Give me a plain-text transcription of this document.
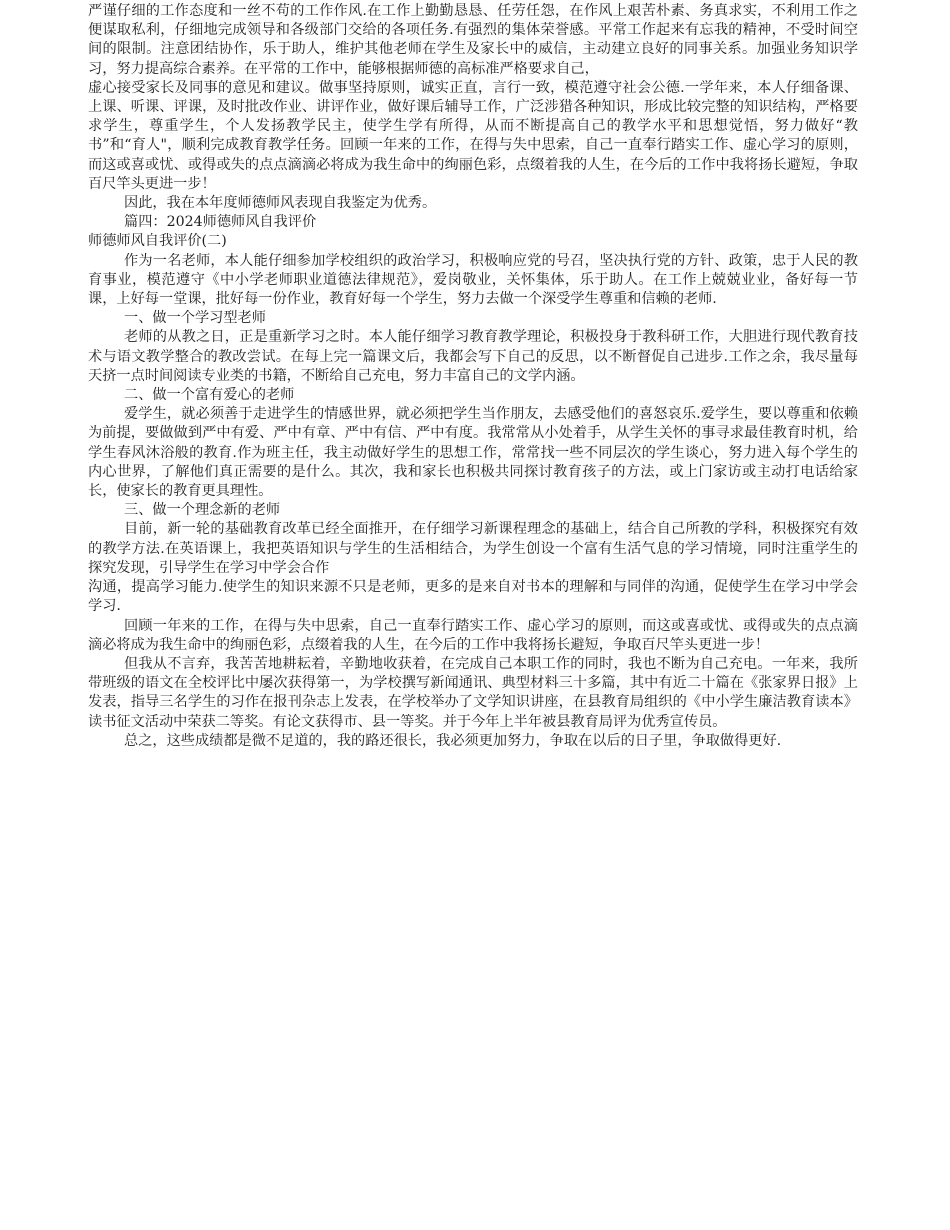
严谨仔细的工作态度和一丝不苟的工作作风.在工作上勤勤恳恳、任劳任怨，在作风上艰苦朴素、务真求实，不利用工作之便谋取私利，仔细地完成领导和各级部门交给的各项任务.有强烈的集体荣誉感。平常工作起来有忘我的精神，不受时间空间的限制。注意团结协作，乐于助人，维护其他老师在学生及家长中的威信，主动建立良好的同事关系。加强业务知识学习，努力提高综合素养。在平常的工作中，能够根据师德的高标准严格要求自己，

虚心接受家长及同事的意见和建议。做事坚持原则，诚实正直，言行一致，模范遵守社会公德.一学年来，本人仔细备课、上课、听课、评课，及时批改作业、讲评作业，做好课后辅导工作，广泛涉猎各种知识，形成比较完整的知识结构，严格要求学生，尊重学生，个人发扬教学民主，使学生学有所得，从而不断提高自己的教学水平和思想觉悟，努力做好“教书”和“育人"，顺利完成教育教学任务。回顾一年来的工作，在得与失中思索，自己一直奉行踏实工作、虚心学习的原则，而这或喜或忧、或得或失的点点滴滴必将成为我生命中的绚丽色彩，点缀着我的人生，在今后的工作中我将扬长避短，争取百尺竿头更进一步！

因此，我在本年度师德师风表现自我鉴定为优秀。

篇四：2024师德师风自我评价

师德师风自我评价(二)

作为一名老师，本人能仔细参加学校组织的政治学习，积极响应党的号召，坚决执行党的方针、政策，忠于人民的教育事业，模范遵守《中小学老师职业道德法律规范》，爱岗敬业，关怀集体，乐于助人。在工作上兢兢业业，备好每一节课，上好每一堂课，批好每一份作业，教育好每一个学生，努力去做一个深受学生尊重和信赖的老师.

一、做一个学习型老师

老师的从教之日，正是重新学习之时。本人能仔细学习教育教学理论，积极投身于教科研工作，大胆进行现代教育技术与语文教学整合的教改尝试。在每上完一篇课文后，我都会写下自己的反思，以不断督促自己进步.工作之余，我尽量每天挤一点时间阅读专业类的书籍，不断给自己充电，努力丰富自己的文学内涵。

二、做一个富有爱心的老师

爱学生，就必须善于走进学生的情感世界，就必须把学生当作朋友，去感受他们的喜怒哀乐.爱学生，要以尊重和依赖为前提，要做做到严中有爱、严中有章、严中有信、严中有度。我常常从小处着手，从学生关怀的事寻求最佳教育时机，给学生春风沐浴般的教育.作为班主任，我主动做好学生的思想工作，常常找一些不同层次的学生谈心，努力进入每个学生的内心世界，了解他们真正需要的是什么。其次，我和家长也积极共同探讨教育孩子的方法，或上门家访或主动打电话给家长，使家长的教育更具理性。

三、做一个理念新的老师

目前，新一轮的基础教育改革已经全面推开，在仔细学习新课程理念的基础上，结合自己所教的学科，积极探究有效的教学方法.在英语课上，我把英语知识与学生的生活相结合，为学生创设一个富有生活气息的学习情境，同时注重学生的探究发现，引导学生在学习中学会合作

沟通，提高学习能力.使学生的知识来源不只是老师，更多的是来自对书本的理解和与同伴的沟通，促使学生在学习中学会学习.

回顾一年来的工作，在得与失中思索，自己一直奉行踏实工作、虚心学习的原则，而这或喜或忧、或得或失的点点滴滴必将成为我生命中的绚丽色彩，点缀着我的人生，在今后的工作中我将扬长避短，争取百尺竿头更进一步！

但我从不言弃，我苦苦地耕耘着，辛勤地收获着，在完成自己本职工作的同时，我也不断为自己充电。一年来，我所带班级的语文在全校评比中屡次获得第一，为学校撰写新闻通讯、典型材料三十多篇，其中有近二十篇在《张家界日报》上发表，指导三名学生的习作在报刊杂志上发表，在学校举办了文学知识讲座，在县教育局组织的《中小学生廉洁教育读本》读书征文活动中荣获二等奖。有论文获得市、县一等奖。并于今年上半年被县教育局评为优秀宣传员。

总之，这些成绩都是微不足道的，我的路还很长，我必须更加努力，争取在以后的日子里，争取做得更好.
